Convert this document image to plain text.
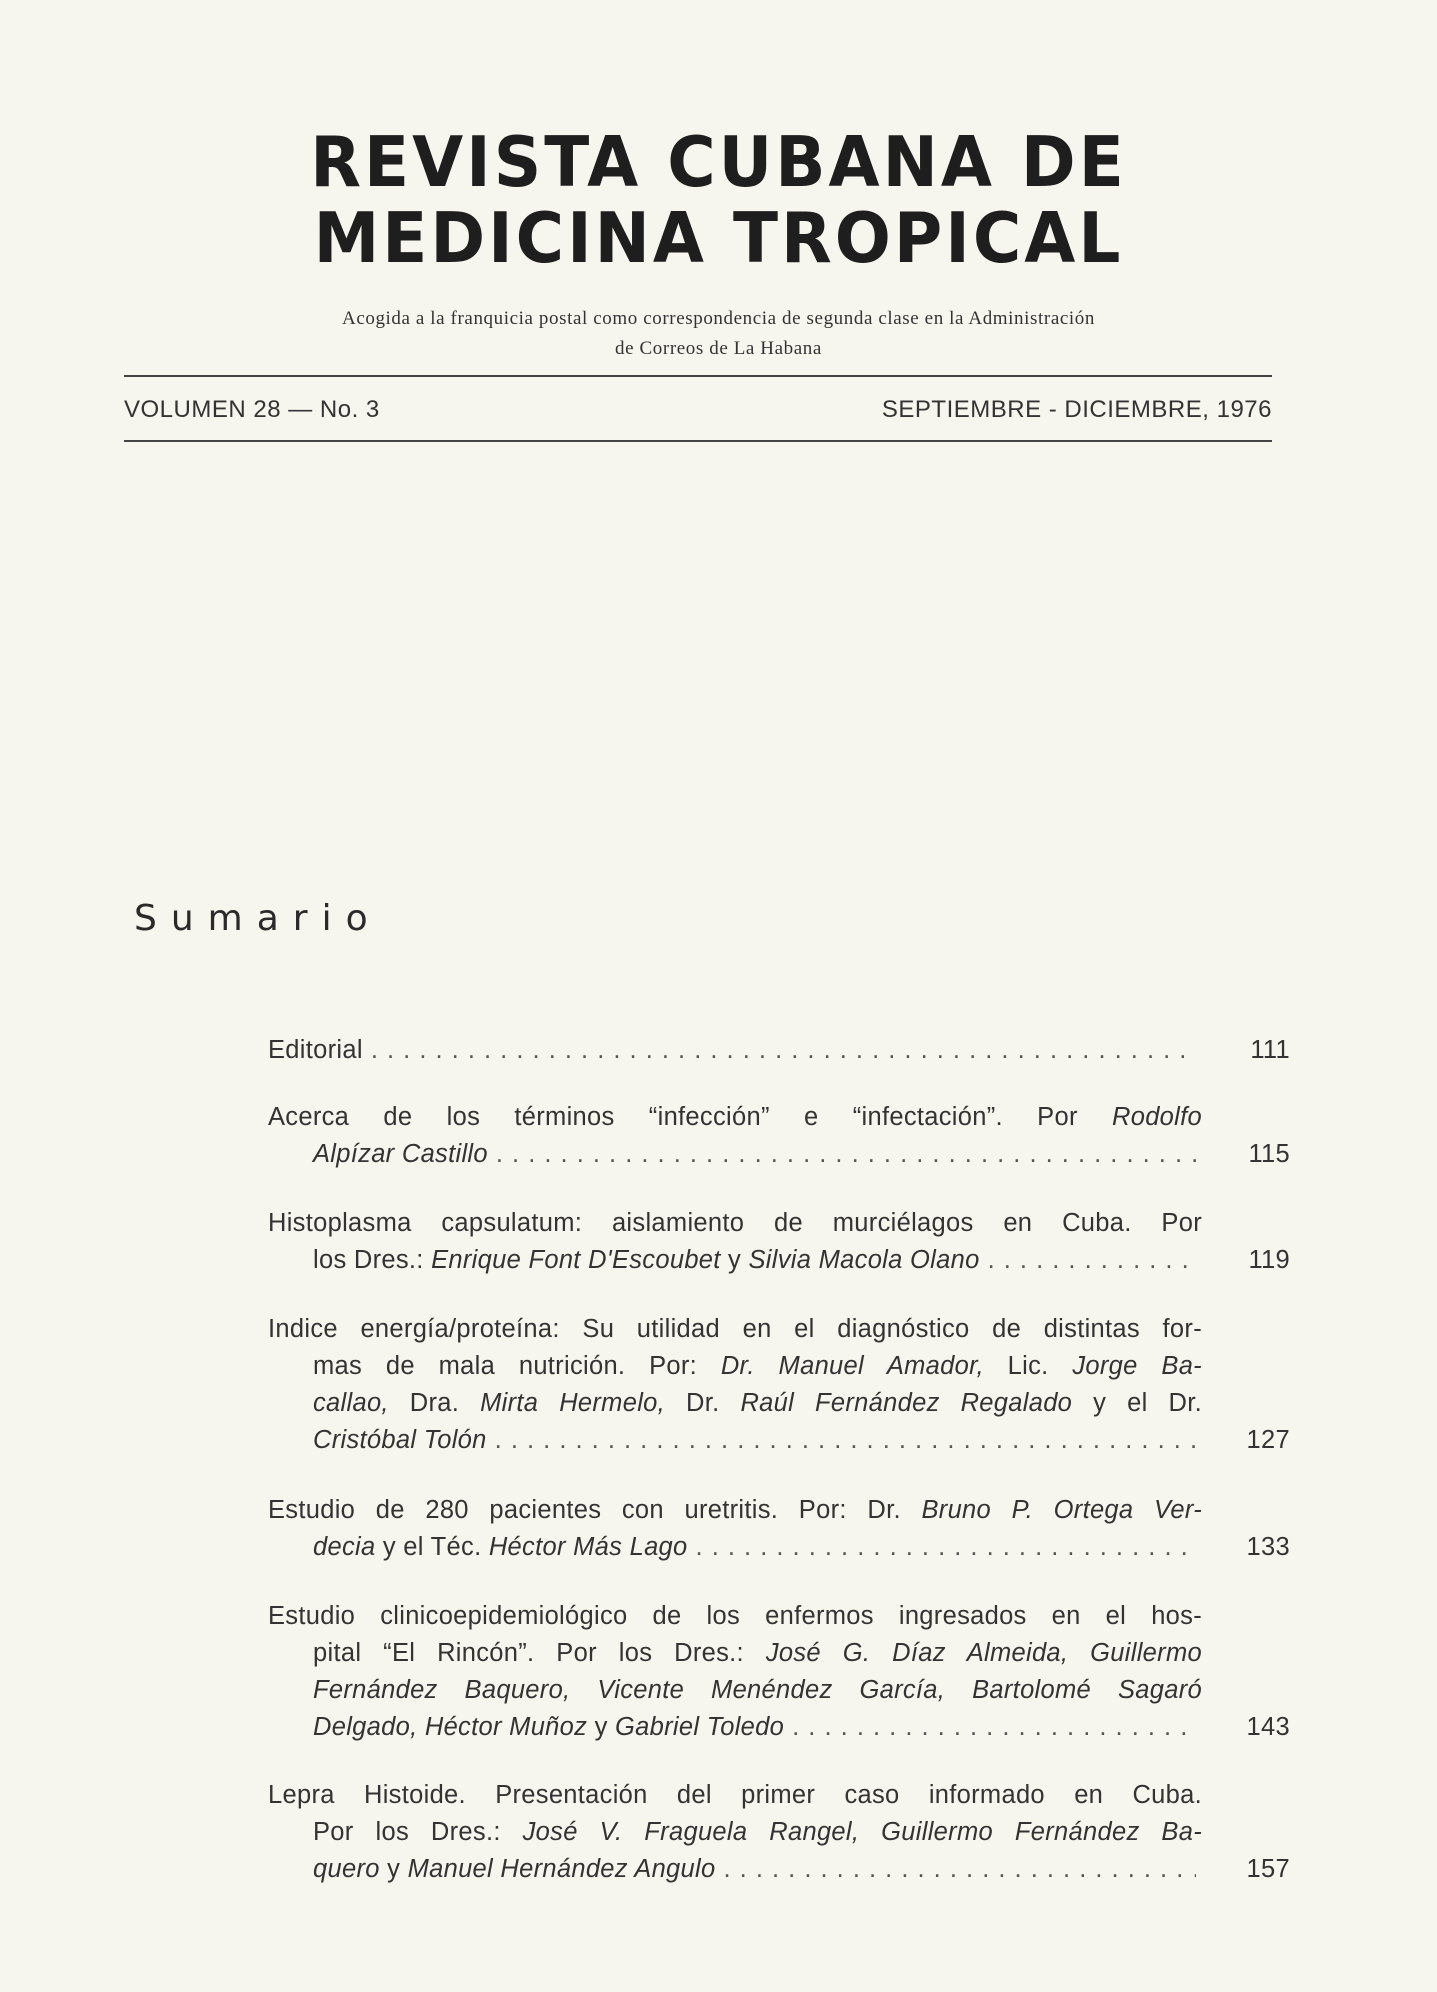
REVISTA CUBANA DE
MEDICINA TROPICAL
Acogida a la franquicia postal como correspondencia de segunda clase en la Administración
de Correos de La Habana
VOLUMEN 28 — No. 3	SEPTIEMBRE - DICIEMBRE, 1976
Sumario
Editorial . . .	111
Acerca de los términos “infección” e “infectación”. Por Rodolfo
Alpízar Castillo . . .	115
Histoplasma capsulatum: aislamiento de murciélagos en Cuba. Por
los Dres.: Enrique Font D'Escoubet y Silvia Macola Olano . . .	119
Indice energía/proteína: Su utilidad en el diagnóstico de distintas for-
mas de mala nutrición. Por: Dr. Manuel Amador, Lic. Jorge Ba-
callao, Dra. Mirta Hermelo, Dr. Raúl Fernández Regalado y el Dr.
Cristóbal Tolón . . .	127
Estudio de 280 pacientes con uretritis. Por: Dr. Bruno P. Ortega Ver-
decia y el Téc. Héctor Más Lago . . .	133
Estudio clinicoepidemiológico de los enfermos ingresados en el hos-
pital “El Rincón”. Por los Dres.: José G. Díaz Almeida, Guillermo
Fernández Baquero, Vicente Menéndez García, Bartolomé Sagaró
Delgado, Héctor Muñoz y Gabriel Toledo . . .	143
Lepra Histoide. Presentación del primer caso informado en Cuba.
Por los Dres.: José V. Fraguela Rangel, Guillermo Fernández Ba-
quero y Manuel Hernández Angulo . . .	157
